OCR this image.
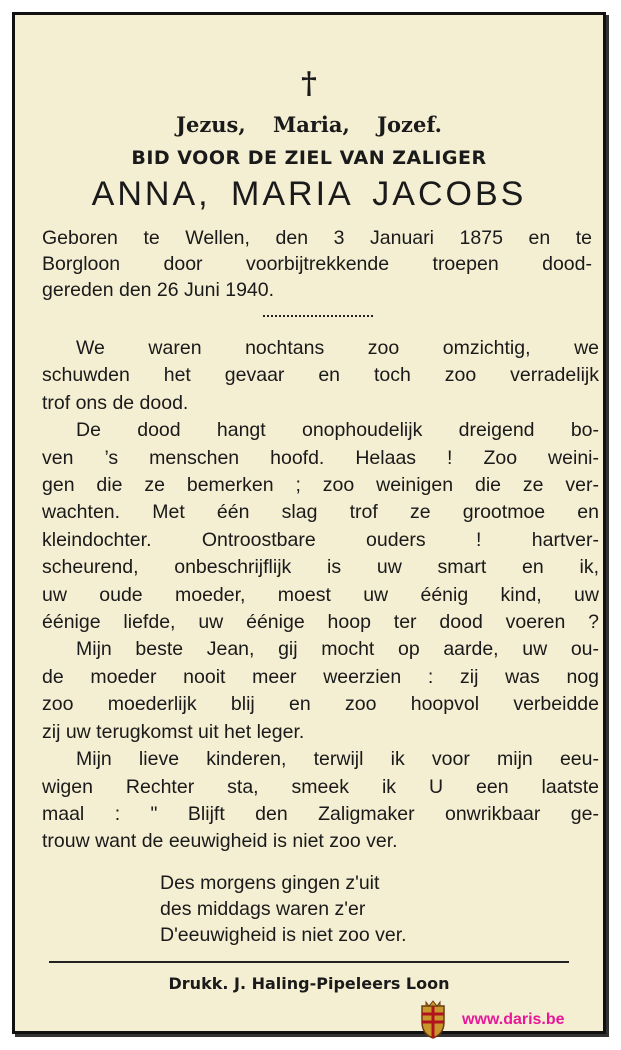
†
Jezus, Maria, Jozef.
BID VOOR DE ZIEL VAN ZALIGER
ANNA, MARIA JACOBS
Geboren te Wellen, den 3 Januari 1875 en te
Borgloon door voorbijtrekkende troepen dood-
gereden den 26 Juni 1940.
We waren nochtans zoo omzichtig, we
schuwden het gevaar en toch zoo verradelijk
trof ons de dood.
De dood hangt onophoudelijk dreigend bo-
ven ’s menschen hoofd. Helaas ! Zoo weini-
gen die ze bemerken ; zoo weinigen die ze ver-
wachten. Met één slag trof ze grootmoe en
kleindochter. Ontroostbare ouders ! hartver-
scheurend, onbeschrijflijk is uw smart en ik,
uw oude moeder, moest uw éénig kind, uw
éénige liefde, uw éénige hoop ter dood voeren ?
Mijn beste Jean, gij mocht op aarde, uw ou-
de moeder nooit meer weerzien : zij was nog
zoo moederlijk blij en zoo hoopvol verbeidde
zij uw terugkomst uit het leger.
Mijn lieve kinderen, terwijl ik voor mijn eeu-
wigen Rechter sta, smeek ik U een laatste
maal : " Blijft den Zaligmaker onwrikbaar ge-
trouw want de eeuwigheid is niet zoo ver.
Des morgens gingen z'uit
des middags waren z'er
D'eeuwigheid is niet zoo ver.
Drukk. J. Haling-Pipeleers Loon
www.daris.be
